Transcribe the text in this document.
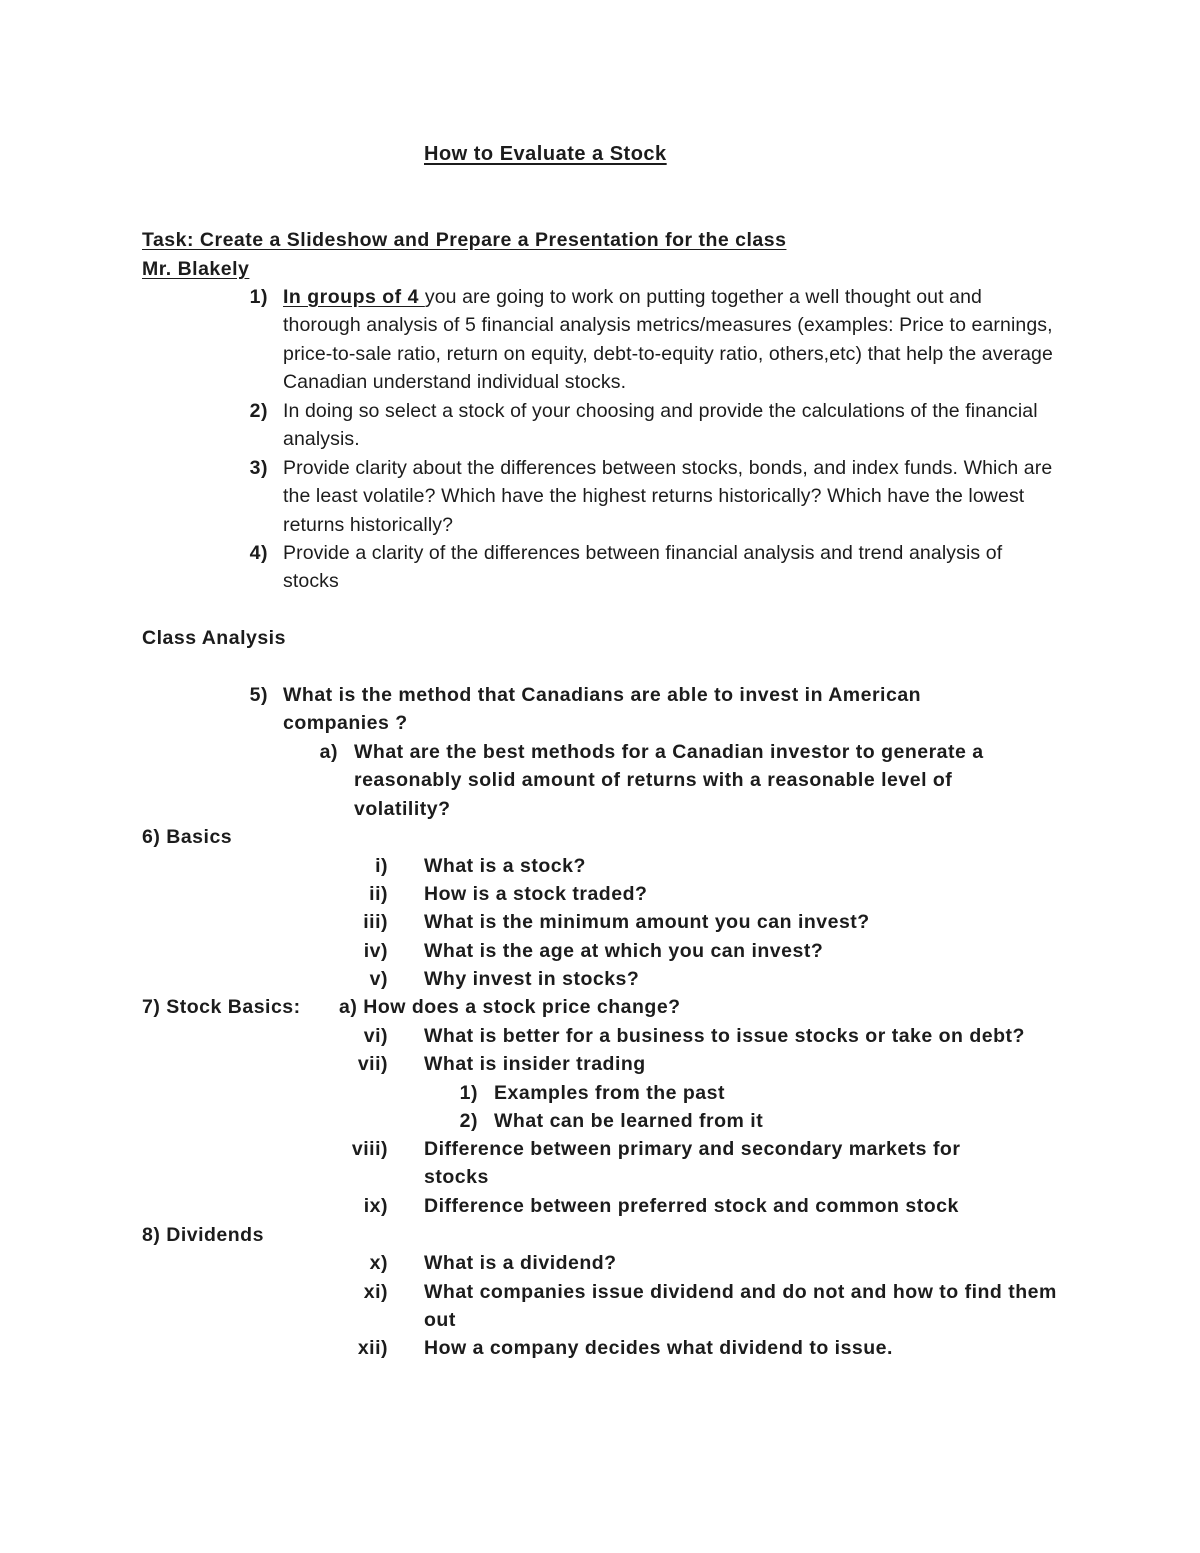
How to Evaluate a Stock
Task: Create a Slideshow and Prepare a Presentation for the class
Mr. Blakely
1) In groups of 4 you are going to work on putting together a well thought out and thorough analysis of 5 financial analysis metrics/measures (examples: Price to earnings, price-to-sale ratio, return on equity, debt-to-equity ratio, others,etc) that help the average Canadian understand individual stocks.
2) In doing so select a stock of your choosing and provide the calculations of the financial analysis.
3) Provide clarity about the differences between stocks, bonds, and index funds. Which are the least volatile? Which have the highest returns historically? Which have the lowest returns historically?
4) Provide a clarity of the differences between financial analysis and trend analysis of stocks
Class Analysis
5) What is the method that Canadians are able to invest in American companies ?
a) What are the best methods for a Canadian investor to generate a reasonably solid amount of returns with a reasonable level of volatility?
6) Basics
i) What is a stock?
ii) How is a stock traded?
iii) What is the minimum amount you can invest?
iv) What is the age at which you can invest?
v) Why invest in stocks?
7) Stock Basics: a) How does a stock price change?
vi) What is better for a business to issue stocks or take on debt?
vii) What is insider trading
1) Examples from the past
2) What can be learned from it
viii) Difference between primary and secondary markets for stocks
ix) Difference between preferred stock and common stock
8) Dividends
x) What is a dividend?
xi) What companies issue dividend and do not and how to find them out
xii) How a company decides what dividend to issue.
